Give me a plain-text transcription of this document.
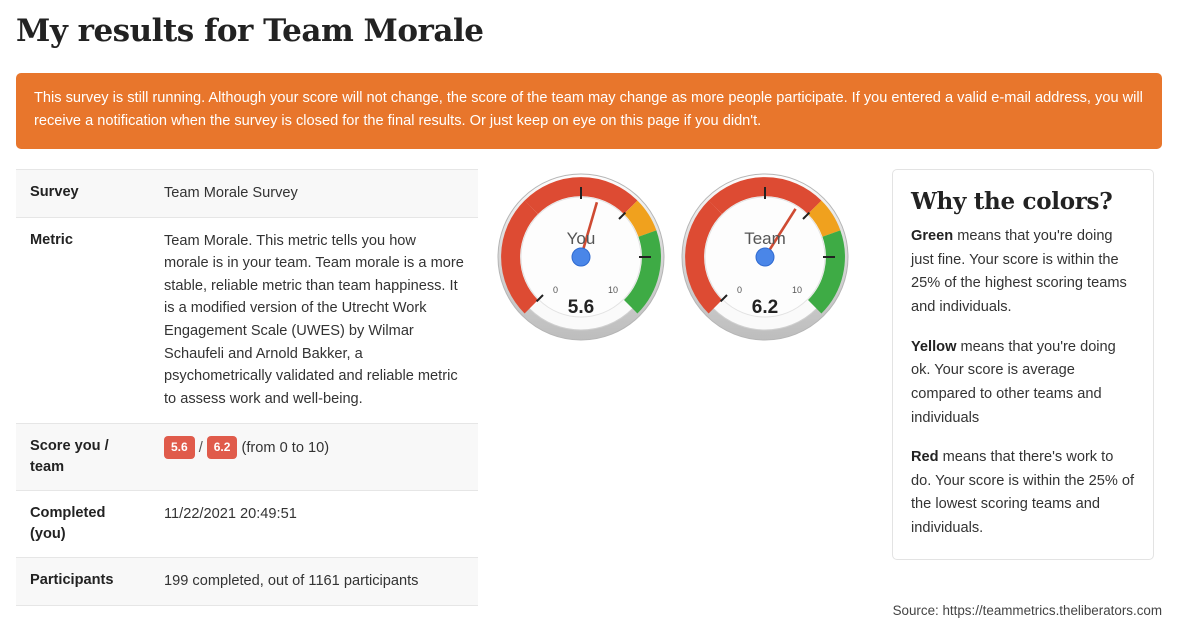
My results for Team Morale
This survey is still running. Although your score will not change, the score of the team may change as more people participate. If you entered a valid e-mail address, you will receive a notification when the survey is closed for the final results. Or just keep on eye on this page if you didn't.
Survey	Team Morale Survey
Metric	Team Morale. This metric tells you how morale is in your team. Team morale is a more stable, reliable metric than team happiness. It is a modified version of the Utrecht Work Engagement Scale (UWES) by Wilmar Schaufeli and Arnold Bakker, a psychometrically validated and reliable metric to assess work and well-being.
Score you / team	5.6 / 6.2 (from 0 to 10)
Completed (you)	11/22/2021 20:49:51
Participants	199 completed, out of 1161 participants
0	10
You
5.6
0	10
Team
6.2
Why the colors?

Green means that you're doing just fine. Your score is within the 25% of the highest scoring teams and individuals.

Yellow means that you're doing ok. Your score is average compared to other teams and individuals

Red means that there's work to do. Your score is within the 25% of the lowest scoring teams and individuals.

Source: https://teammetrics.theliberators.com
